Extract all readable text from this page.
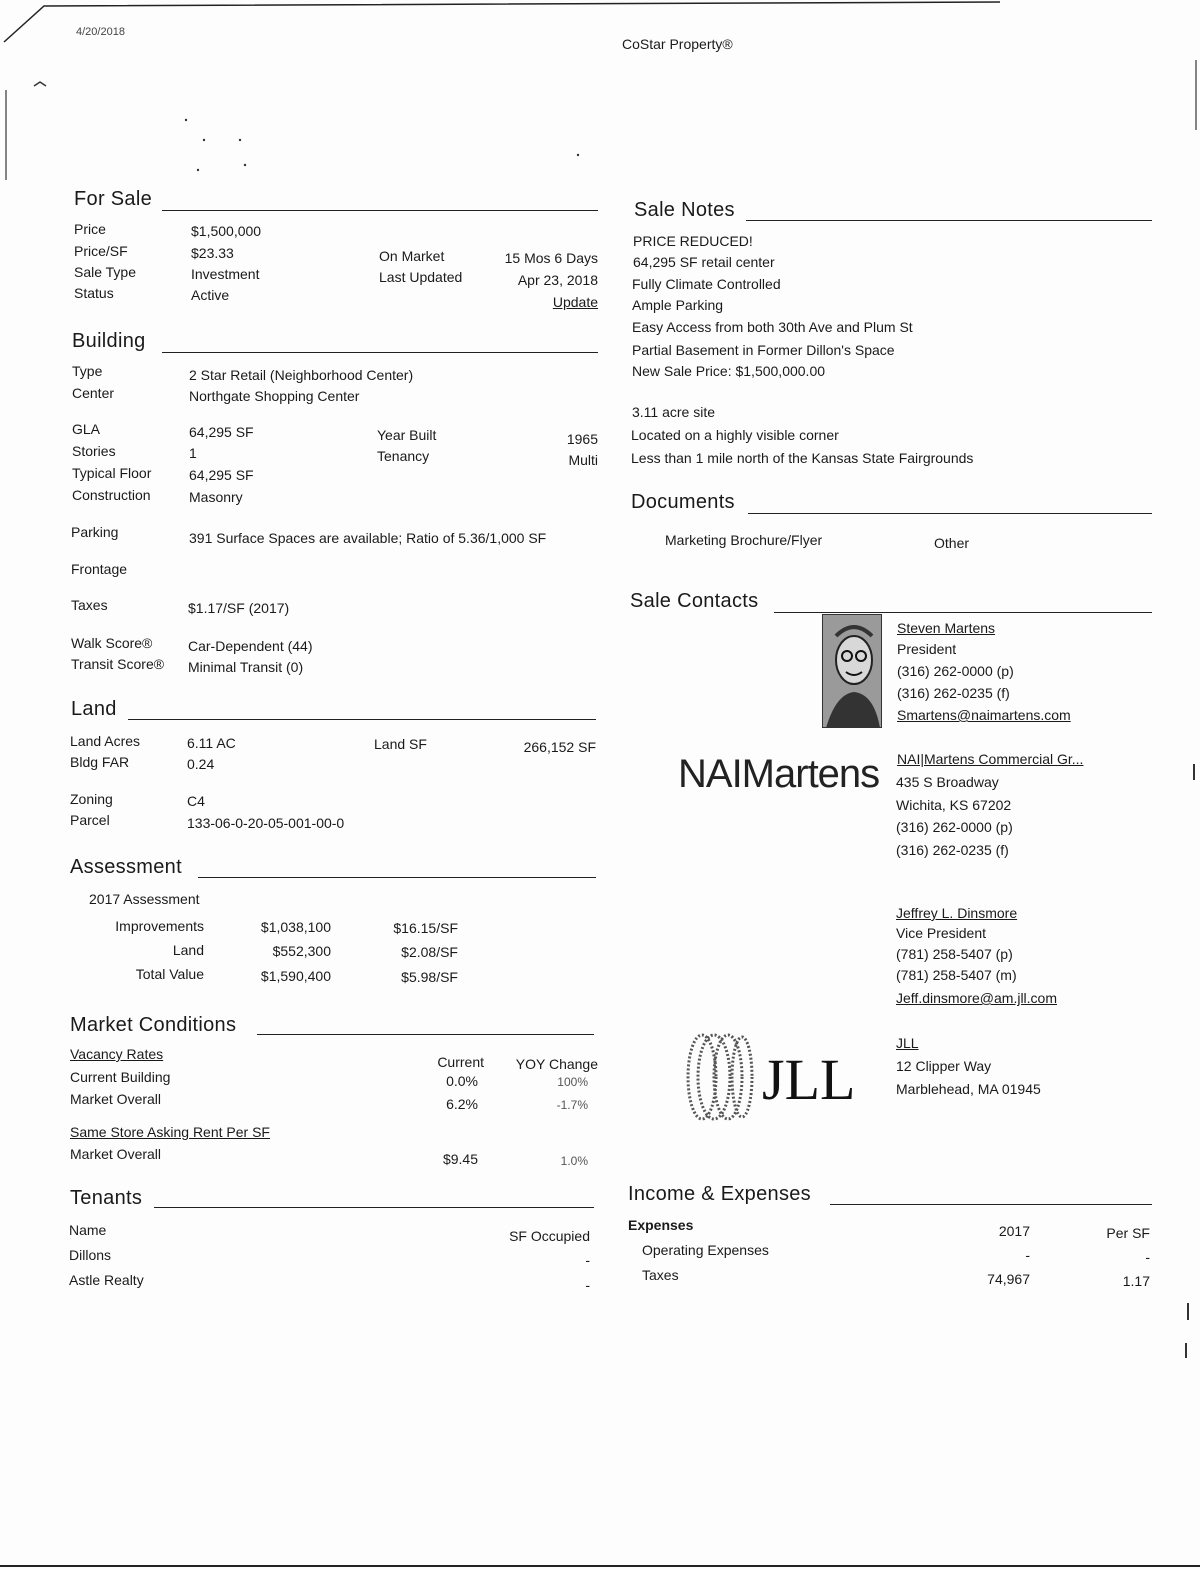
4/20/2018
CoStar Property®
For Sale
Price	$1,500,000
Price/SF	$23.33
Sale Type	Investment
Status	Active
On Market	15 Mos 6 Days
Last Updated	Apr 23, 2018
Update
Building
Type	2 Star Retail (Neighborhood Center)
Center	Northgate Shopping Center
GLA	64,295 SF
Stories	1
Typical Floor	64,295 SF
Construction	Masonry
Year Built	1965
Tenancy	Multi
Parking	391 Surface Spaces are available; Ratio of 5.36/1,000 SF
Frontage
Taxes	$1.17/SF (2017)
Walk Score®	Car-Dependent (44)
Transit Score® Minimal Transit (0)
Land
Land Acres	6.11 AC
Bldg FAR	0.24
Land SF	266,152 SF
Zoning	C4
Parcel	133-06-0-20-05-001-00-0
Assessment
2017 Assessment
Improvements	$1,038,100	$16.15/SF
Land	$552,300	$2.08/SF
Total Value	$1,590,400	$5.98/SF
Market Conditions
Vacancy Rates	Current	YOY Change
Current Building	0.0%	100%
Market Overall	6.2%	-1.7%
Same Store Asking Rent Per SF
Market Overall	$9.45	1.0%
Tenants
Name	SF Occupied
Dillons	-
Astle Realty	-
Sale Notes
PRICE REDUCED!
64,295 SF retail center
Fully Climate Controlled
Ample Parking
Easy Access from both 30th Ave and Plum St
Partial Basement in Former Dillon's Space
New Sale Price: $1,500,000.00
3.11 acre site
Located on a highly visible corner
Less than 1 mile north of the Kansas State Fairgrounds
Documents
Marketing Brochure/Flyer	Other
Sale Contacts
Steven Martens
President
(316) 262-0000 (p)
(316) 262-0235 (f)
Smartens@naimartens.com
NAIMartens NAI|Martens Commercial Gr...
435 S Broadway
Wichita, KS 67202
(316) 262-0000 (p)
(316) 262-0235 (f)
Jeffrey L. Dinsmore
Vice President
(781) 258-5407 (p)
(781) 258-5407 (m)
Jeff.dinsmore@am.jll.com
JLL
JLL
12 Clipper Way
Marblehead, MA 01945
Income & Expenses
Expenses	2017	Per SF
Operating Expenses	-	-
Taxes	74,967	1.17
